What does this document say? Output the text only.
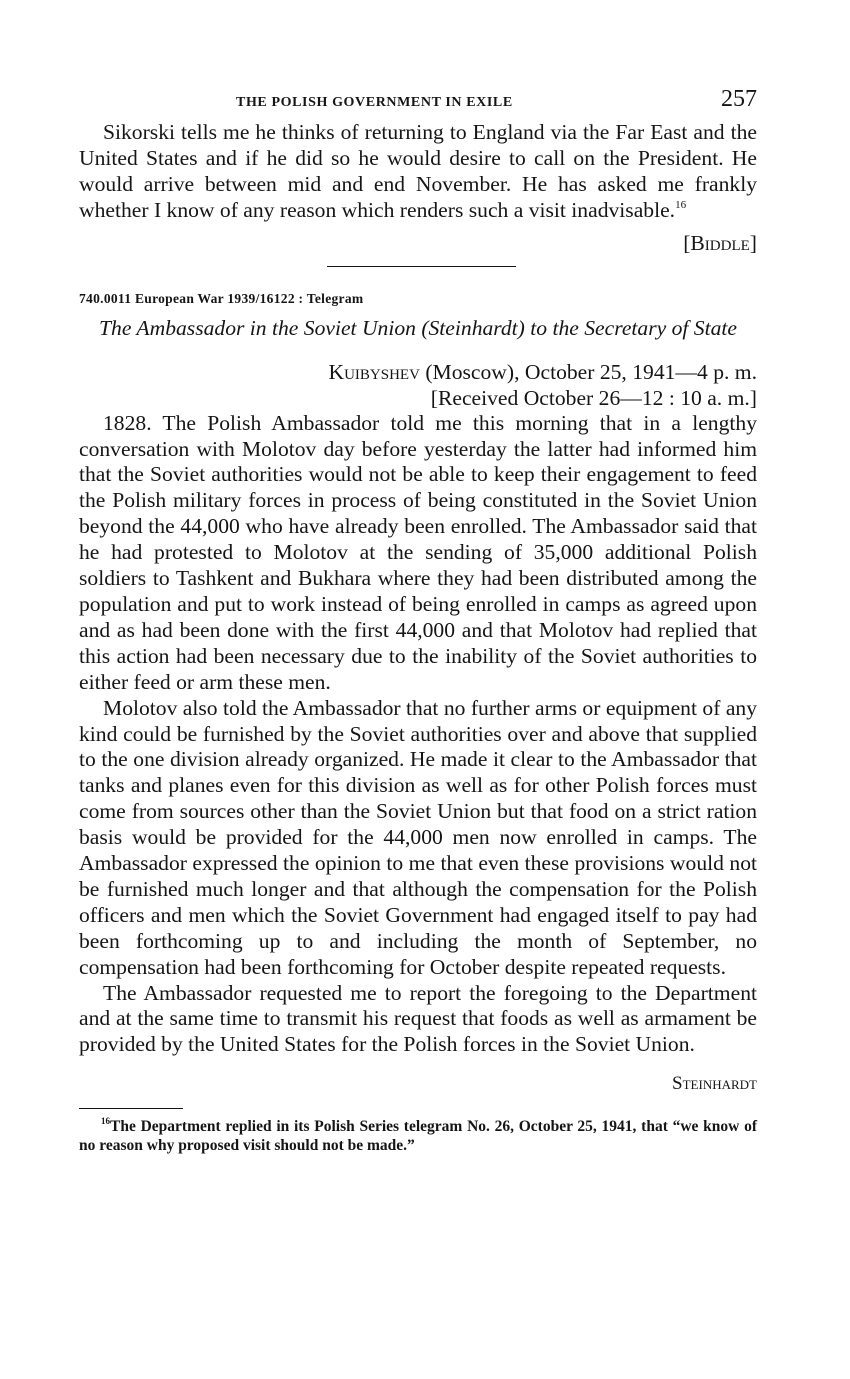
THE POLISH GOVERNMENT IN EXILE	257

Sikorski tells me he thinks of returning to England via the Far East and the United States and if he did so he would desire to call on the President. He would arrive between mid and end November. He has asked me frankly whether I know of any reason which renders such a visit inadvisable.$^{16}$

[Biddle]
740.0011 European War 1939/16122 : Telegram
The Ambassador in the Soviet Union (Steinhardt) to the Secretary of State
Kuibyshev (Moscow), October 25, 1941—4 p. m.
[Received October 26—12 : 10 a. m.]

1828. The Polish Ambassador told me this morning that in a lengthy conversation with Molotov day before yesterday the latter had informed him that the Soviet authorities would not be able to keep their engagement to feed the Polish military forces in process of being constituted in the Soviet Union beyond the 44,000 who have already been enrolled. The Ambassador said that he had protested to Molotov at the sending of 35,000 additional Polish soldiers to Tashkent and Bukhara where they had been distributed among the population and put to work instead of being enrolled in camps as agreed upon and as had been done with the first 44,000 and that Molotov had replied that this action had been necessary due to the inability of the Soviet authorities to either feed or arm these men.

Molotov also told the Ambassador that no further arms or equipment of any kind could be furnished by the Soviet authorities over and above that supplied to the one division already organized. He made it clear to the Ambassador that tanks and planes even for this division as well as for other Polish forces must come from sources other than the Soviet Union but that food on a strict ration basis would be provided for the 44,000 men now enrolled in camps. The Ambassador expressed the opinion to me that even these provisions would not be furnished much longer and that although the compensation for the Polish officers and men which the Soviet Government had engaged itself to pay had been forthcoming up to and including the month of September, no compensation had been forthcoming for October despite repeated requests.

The Ambassador requested me to report the foregoing to the Department and at the same time to transmit his request that foods as well as armament be provided by the United States for the Polish forces in the Soviet Union.

Steinhardt

$^{16}$The Department replied in its Polish Series telegram No. 26, October 25, 1941, that “we know of no reason why proposed visit should not be made.”
